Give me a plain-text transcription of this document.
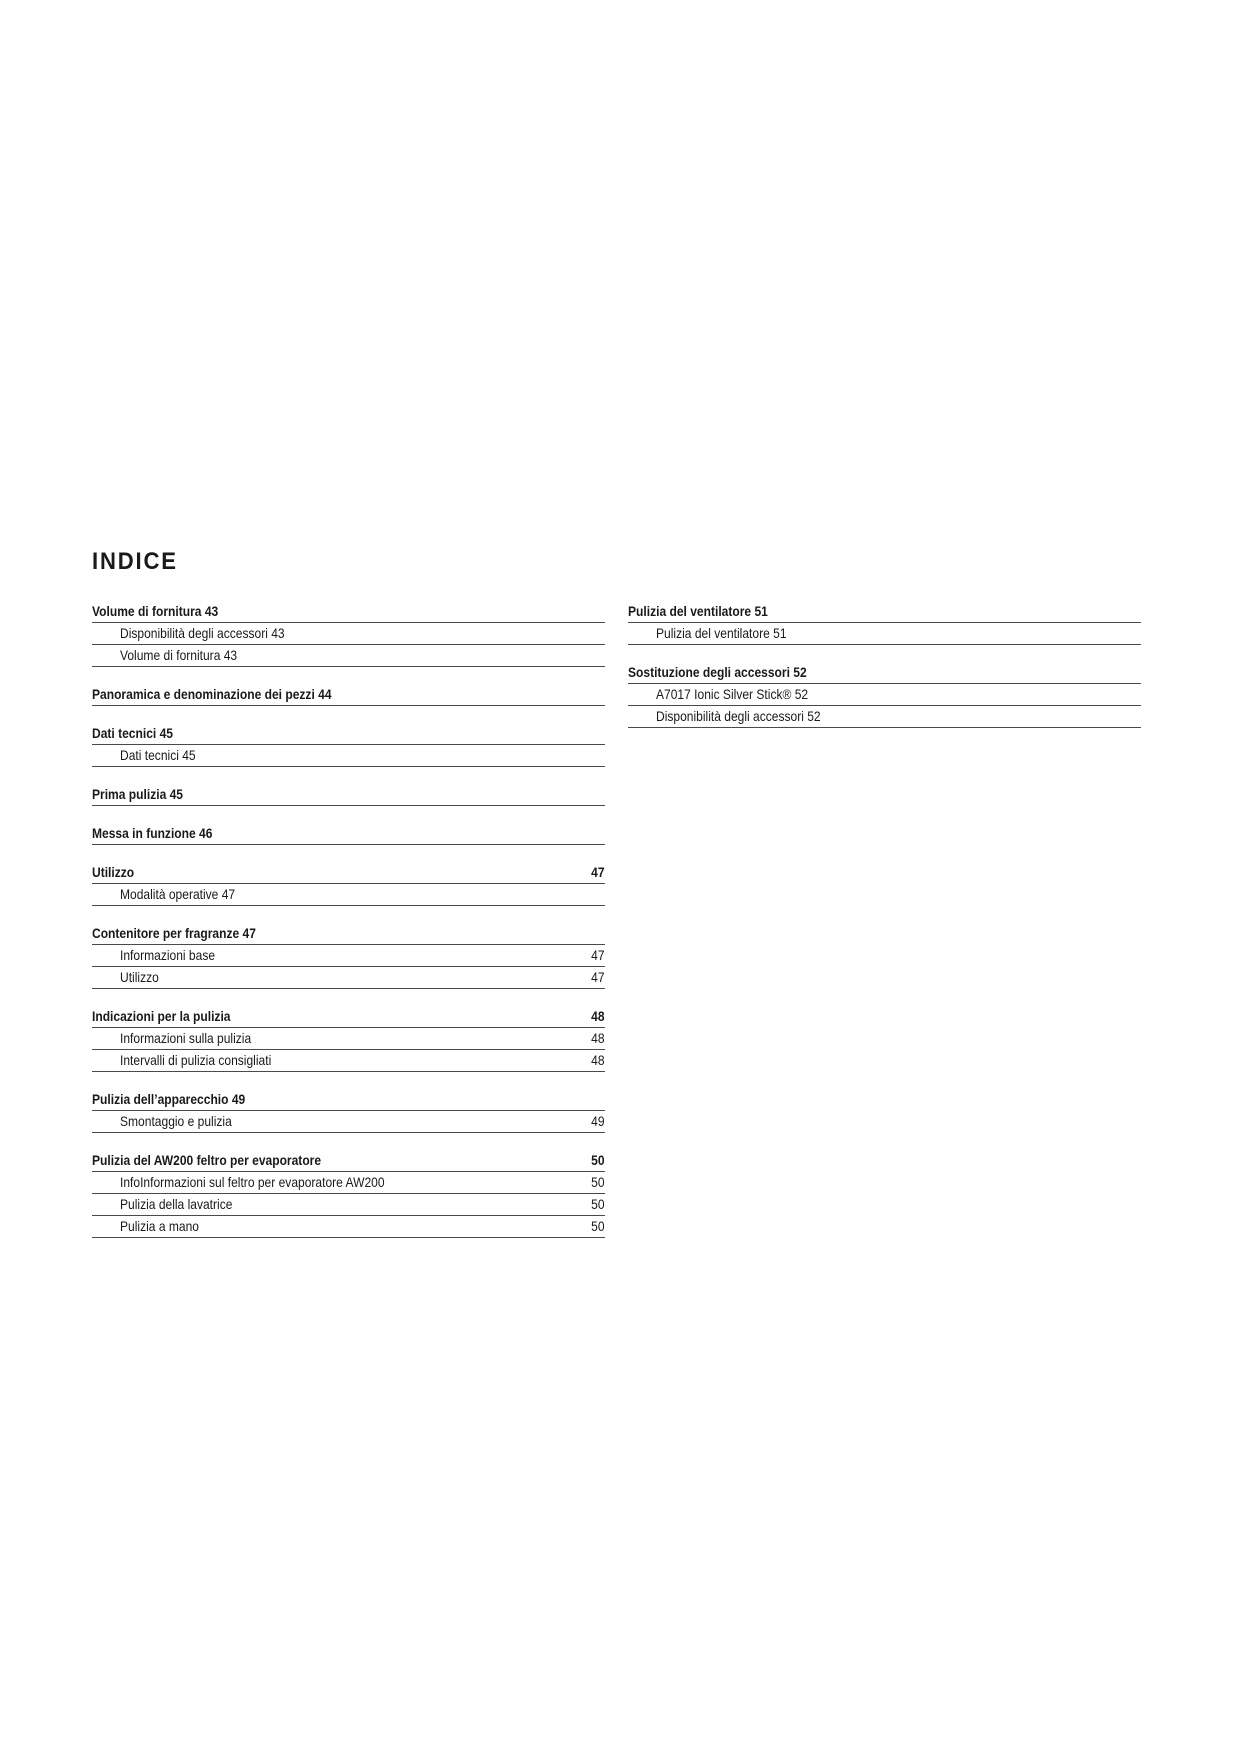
INDICE
Volume di fornitura 43
Disponibilità degli accessori 43
Volume di fornitura 43
Panoramica e denominazione dei pezzi 44
Dati tecnici 45
Dati tecnici 45
Prima pulizia 45
Messa in funzione 46
Utilizzo	47
Modalità operative 47
Contenitore per fragranze 47
Informazioni base	47
Utilizzo	47
Indicazioni per la pulizia	48
Informazioni sulla pulizia	48
Intervalli di pulizia consigliati	48
Pulizia dell’apparecchio 49
Smontaggio e pulizia	49
Pulizia del AW200 feltro per evaporatore	50
InfoInformazioni sul feltro per evaporatore AW200	50
Pulizia della lavatrice	50
Pulizia a mano	50
Pulizia del ventilatore 51
Pulizia del ventilatore 51
Sostituzione degli accessori 52
A7017 Ionic Silver Stick® 52
Disponibilità degli accessori 52
